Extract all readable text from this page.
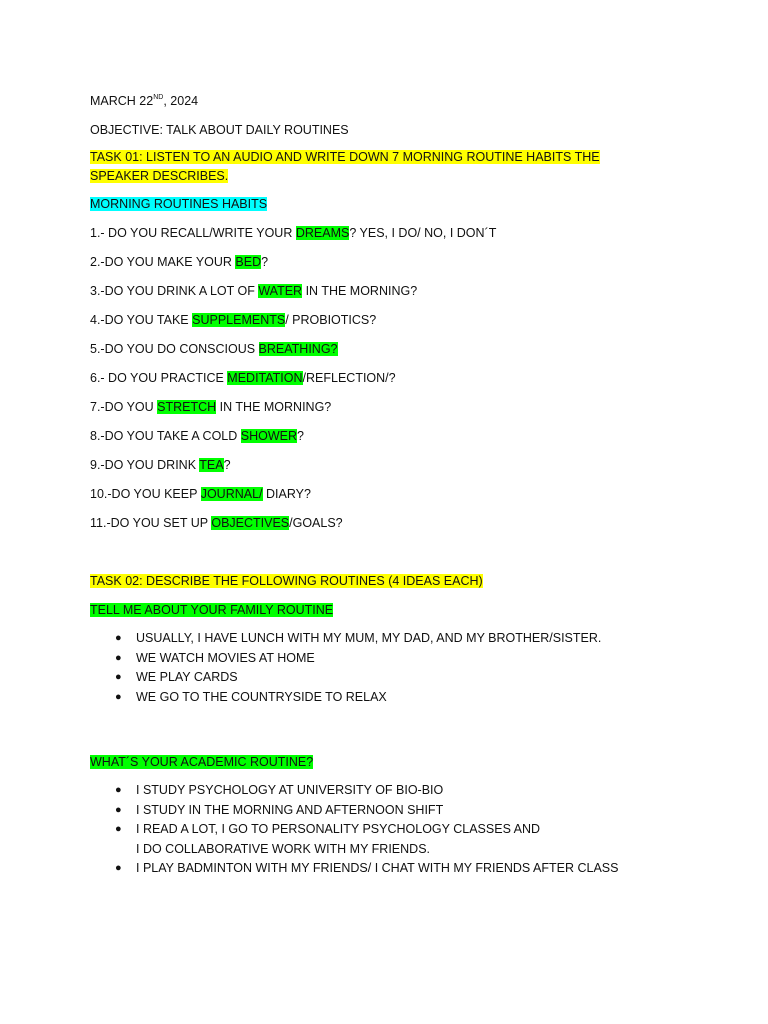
MARCH 22ND, 2024
OBJECTIVE: TALK ABOUT DAILY ROUTINES
TASK 01: LISTEN TO AN AUDIO AND WRITE DOWN 7 MORNING ROUTINE HABITS THE SPEAKER DESCRIBES.
MORNING ROUTINES HABITS
1.- DO YOU RECALL/WRITE YOUR DREAMS? YES, I DO/ NO, I DON´T
2.-DO YOU MAKE YOUR BED?
3.-DO YOU DRINK A LOT OF WATER IN THE MORNING?
4.-DO YOU TAKE SUPPLEMENTS/ PROBIOTICS?
5.-DO YOU DO CONSCIOUS BREATHING?
6.- DO YOU PRACTICE MEDITATION/REFLECTION/?
7.-DO YOU STRETCH IN THE MORNING?
8.-DO YOU TAKE A COLD SHOWER?
9.-DO YOU DRINK TEA?
10.-DO YOU KEEP JOURNAL/ DIARY?
11.-DO YOU SET UP OBJECTIVES/GOALS?
TASK 02: DESCRIBE THE FOLLOWING ROUTINES (4 IDEAS EACH)
TELL ME ABOUT YOUR FAMILY ROUTINE
● USUALLY, I HAVE LUNCH WITH MY MUM, MY DAD, AND MY BROTHER/SISTER.
● WE WATCH MOVIES AT HOME
● WE PLAY CARDS
● WE GO TO THE COUNTRYSIDE TO RELAX
WHAT´S YOUR ACADEMIC ROUTINE?
● I STUDY PSYCHOLOGY AT UNIVERSITY OF BIO-BIO
● I STUDY IN THE MORNING AND AFTERNOON SHIFT
● I READ A LOT, I GO TO PERSONALITY PSYCHOLOGY CLASSES AND
I DO COLLABORATIVE WORK WITH MY FRIENDS.
● I PLAY BADMINTON WITH MY FRIENDS/ I CHAT WITH MY FRIENDS AFTER CLASS
